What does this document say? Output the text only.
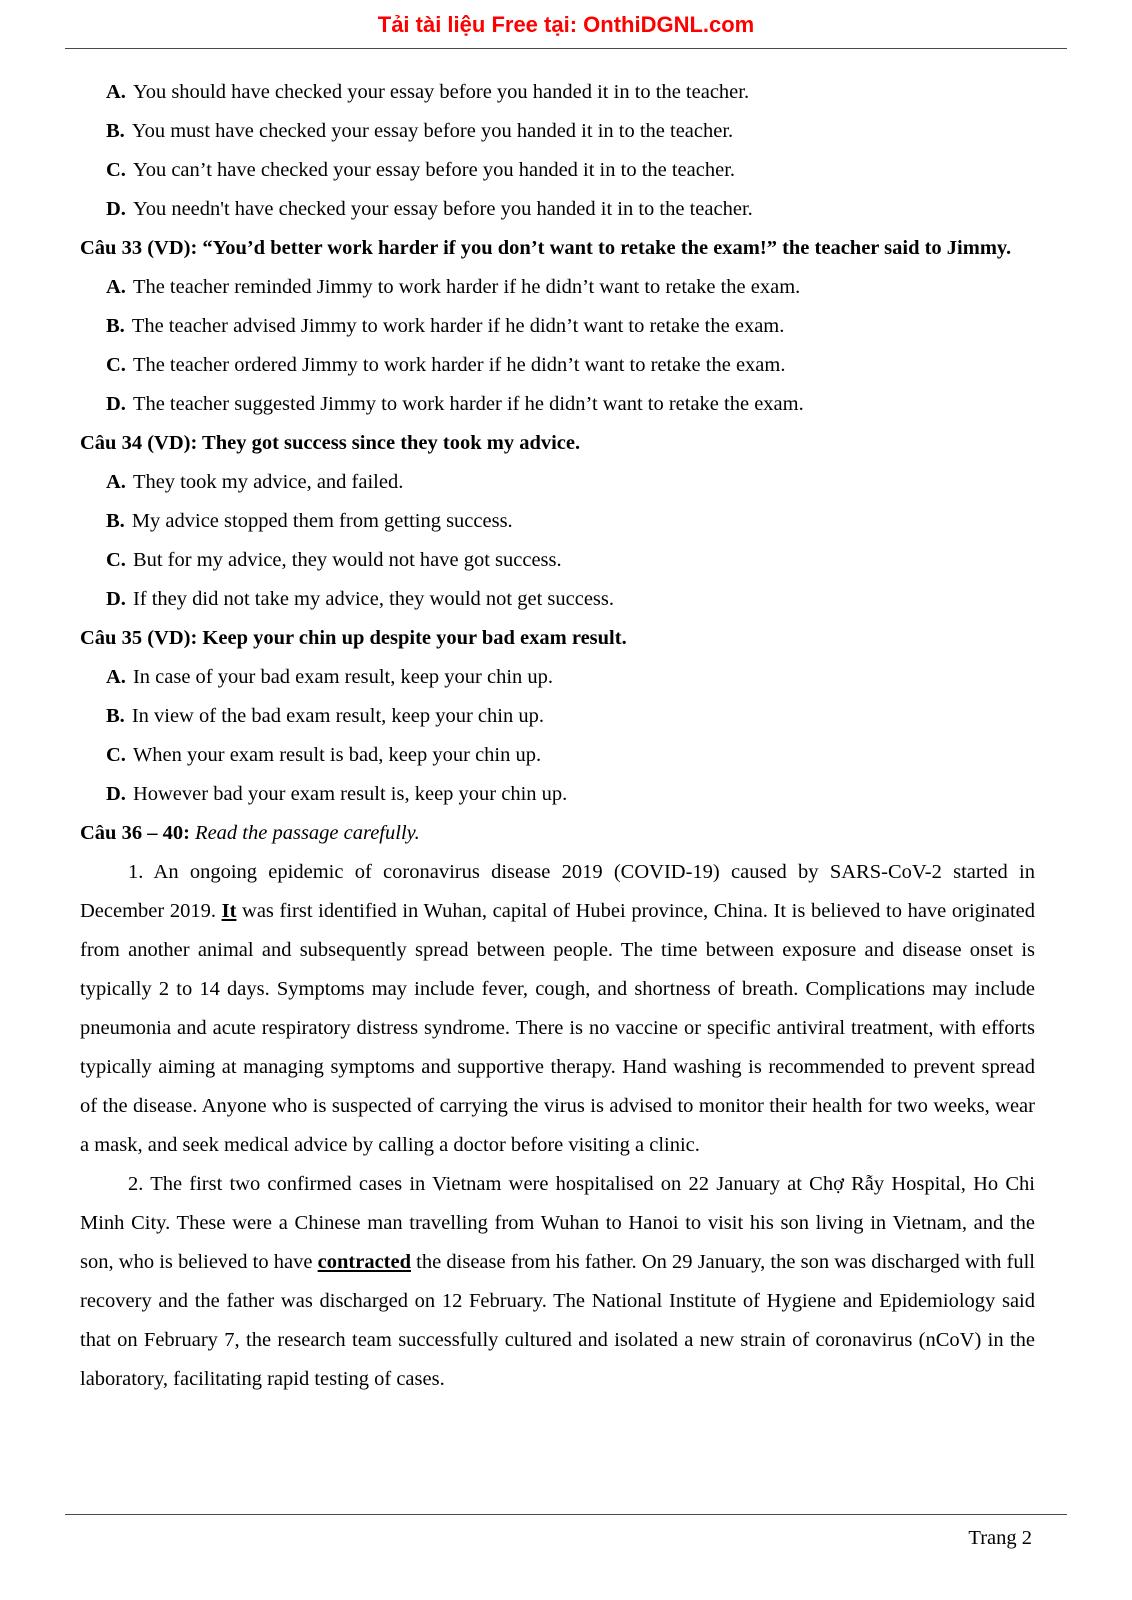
Tải tài liệu Free tại: OnthiDGNL.com

A. You should have checked your essay before you handed it in to the teacher.

B. You must have checked your essay before you handed it in to the teacher.

C. You can’t have checked your essay before you handed it in to the teacher.

D. You needn't have checked your essay before you handed it in to the teacher.

Câu 33 (VD): “You’d better work harder if you don’t want to retake the exam!” the teacher said to Jimmy.

A. The teacher reminded Jimmy to work harder if he didn’t want to retake the exam.

B. The teacher advised Jimmy to work harder if he didn’t want to retake the exam.

C. The teacher ordered Jimmy to work harder if he didn’t want to retake the exam.

D. The teacher suggested Jimmy to work harder if he didn’t want to retake the exam.

Câu 34 (VD): They got success since they took my advice.

A. They took my advice, and failed.

B. My advice stopped them from getting success.

C. But for my advice, they would not have got success.

D. If they did not take my advice, they would not get success.

Câu 35 (VD): Keep your chin up despite your bad exam result.

A. In case of your bad exam result, keep your chin up.

B. In view of the bad exam result, keep your chin up.

C. When your exam result is bad, keep your chin up.

D. However bad your exam result is, keep your chin up.

Câu 36 – 40: Read the passage carefully.

1. An ongoing epidemic of coronavirus disease 2019 (COVID-19) caused by SARS-CoV-2 started in December 2019. It was first identified in Wuhan, capital of Hubei province, China. It is believed to have originated from another animal and subsequently spread between people. The time between exposure and disease onset is typically 2 to 14 days. Symptoms may include fever, cough, and shortness of breath. Complications may include pneumonia and acute respiratory distress syndrome. There is no vaccine or specific antiviral treatment, with efforts typically aiming at managing symptoms and supportive therapy. Hand washing is recommended to prevent spread of the disease. Anyone who is suspected of carrying the virus is advised to monitor their health for two weeks, wear a mask, and seek medical advice by calling a doctor before visiting a clinic.

2. The first two confirmed cases in Vietnam were hospitalised on 22 January at Chợ Rẫy Hospital, Ho Chi Minh City. These were a Chinese man travelling from Wuhan to Hanoi to visit his son living in Vietnam, and the son, who is believed to have contracted the disease from his father. On 29 January, the son was discharged with full recovery and the father was discharged on 12 February. The National Institute of Hygiene and Epidemiology said that on February 7, the research team successfully cultured and isolated a new strain of coronavirus (nCoV) in the laboratory, facilitating rapid testing of cases.

Trang 2
